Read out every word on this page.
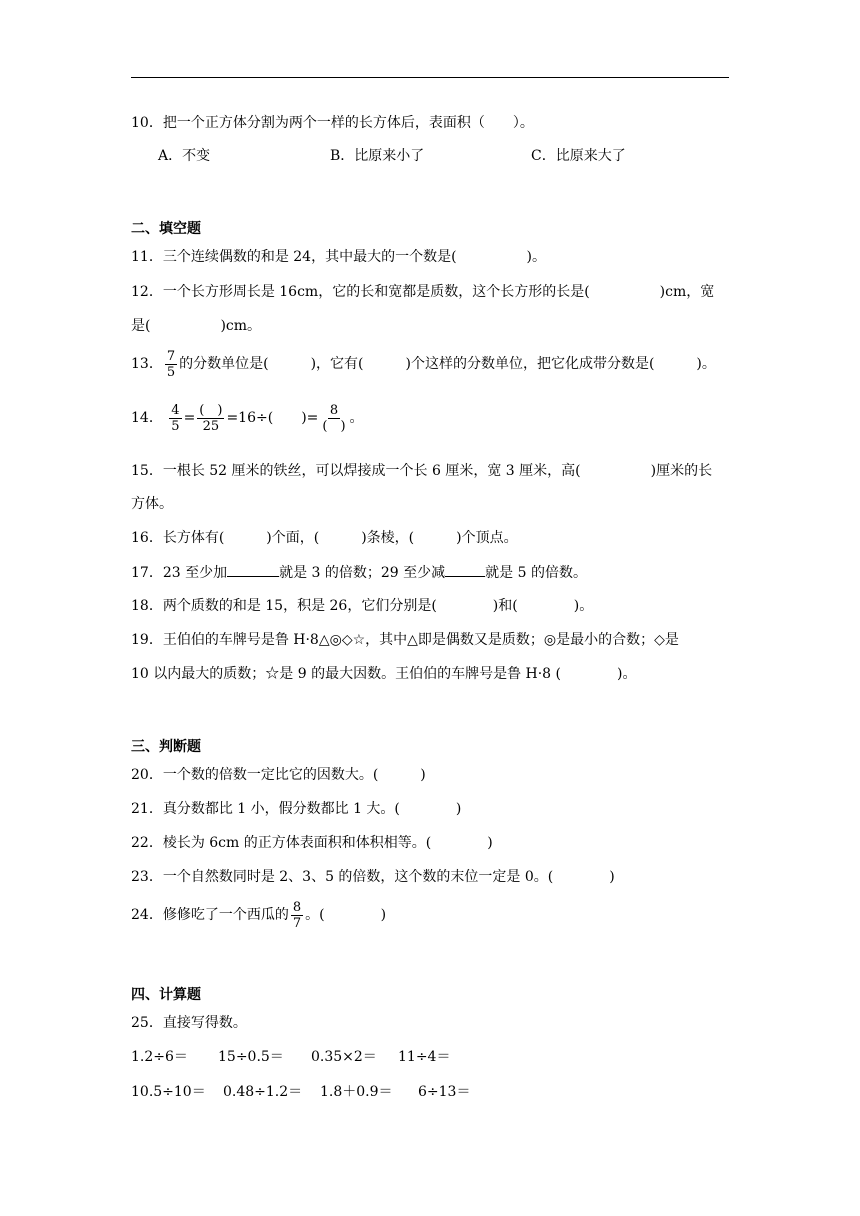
10．把一个正方体分割为两个一样的长方体后，表面积（　　）。
A．不变	B．比原来小了	C．比原来大了
二、填空题
11．三个连续偶数的和是 24，其中最大的一个数是(　　　　　)。
12．一个长方形周长是 16cm，它的长和宽都是质数，这个长方形的长是(　　　　　)cm，宽
是(　　　　　)cm。
13． $\frac{7}{5}$ 的分数单位是(　　　)，它有(　　　)个这样的分数单位，把它化成带分数是(　　　)。
14． $\frac{4}{5} = \frac{( )}{25} =16\div$(　　)= $\frac{8}{( )}$ 。
15．一根长 52 厘米的铁丝，可以焊接成一个长 6 厘米，宽 3 厘米，高(　　　　　)厘米的长
方体。
16．长方体有(　　　)个面，(　　　)条棱，(　　　)个顶点。
17．23 至少加	就是 3 的倍数；29 至少减	就是 5 的倍数。
18．两个质数的和是 15，积是 26，它们分别是(　　　　)和(　　　　)。
19．王伯伯的车牌号是鲁 H·8△◎◇☆，其中△即是偶数又是质数；◎是最小的合数；◇是
10 以内最大的质数；☆是 9 的最大因数。王伯伯的车牌号是鲁 H·8 (　　　　)。
三、判断题
20．一个数的倍数一定比它的因数大。(　　　)
21．真分数都比 1 小，假分数都比 1 大。(　　　　)
22．棱长为 6cm 的正方体表面积和体积相等。(　　　　)
23．一个自然数同时是 2、3、5 的倍数，这个数的末位一定是 0。(　　　　)
24．修修吃了一个西瓜的 $\frac{8}{7}$ 。(　　　　)
四、计算题
25．直接写得数。
1.2÷6＝ 15÷0.5＝ 0.35×2＝ 11÷4＝
10.5÷10＝ 0.48÷1.2＝ 1.8＋0.9＝ 6÷13＝
